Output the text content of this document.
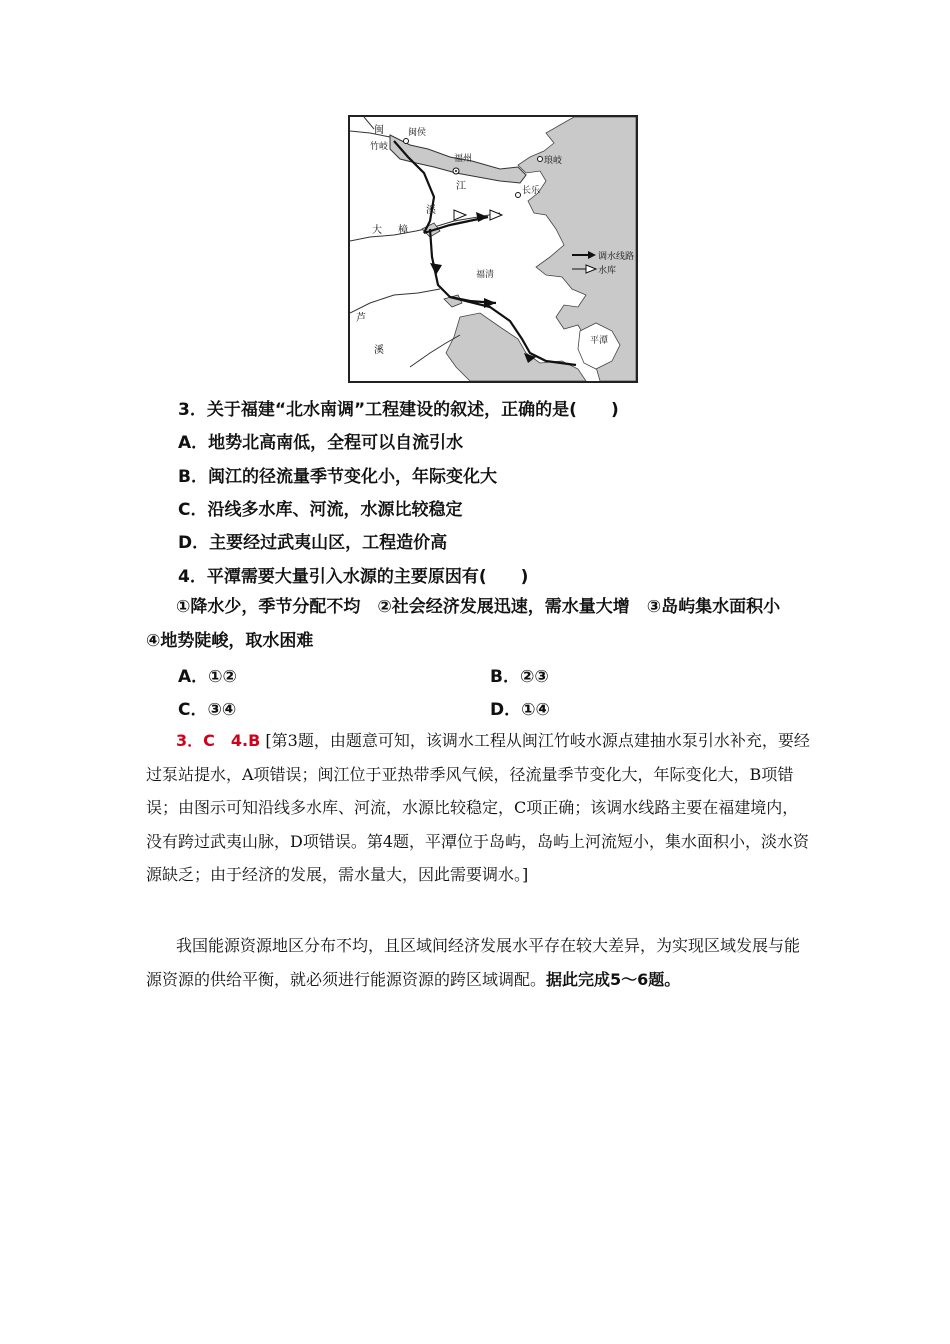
闽	闽侯
竹岐
福州	琅岐
江	长乐
溪
大 樟
福清
芦
溪
平潭
调水线路
水库
3．关于福建“北水南调”工程建设的叙述，正确的是(　　)
A．地势北高南低，全程可以自流引水
B．闽江的径流量季节变化小，年际变化大
C．沿线多水库、河流，水源比较稳定
D．主要经过武夷山区，工程造价高
4．平潭需要大量引入水源的主要原因有(　　)
①降水少，季节分配不均　②社会经济发展迅速，需水量大增　③岛屿集水面积小　④地势陡峻，取水困难
A．①②	B．②③
C．③④	D．①④
3．C　4.B [第3题，由题意可知，该调水工程从闽江竹岐水源点建抽水泵引水补充，要经过泵站提水，A项错误；闽江位于亚热带季风气候，径流量季节变化大，年际变化大，B项错误；由图示可知沿线多水库、河流，水源比较稳定，C项正确；该调水线路主要在福建境内，没有跨过武夷山脉，D项错误。第4题，平潭位于岛屿，岛屿上河流短小，集水面积小，淡水资源缺乏；由于经济的发展，需水量大，因此需要调水。]
我国能源资源地区分布不均，且区域间经济发展水平存在较大差异，为实现区域发展与能源资源的供给平衡，就必须进行能源资源的跨区域调配。据此完成5～6题。
